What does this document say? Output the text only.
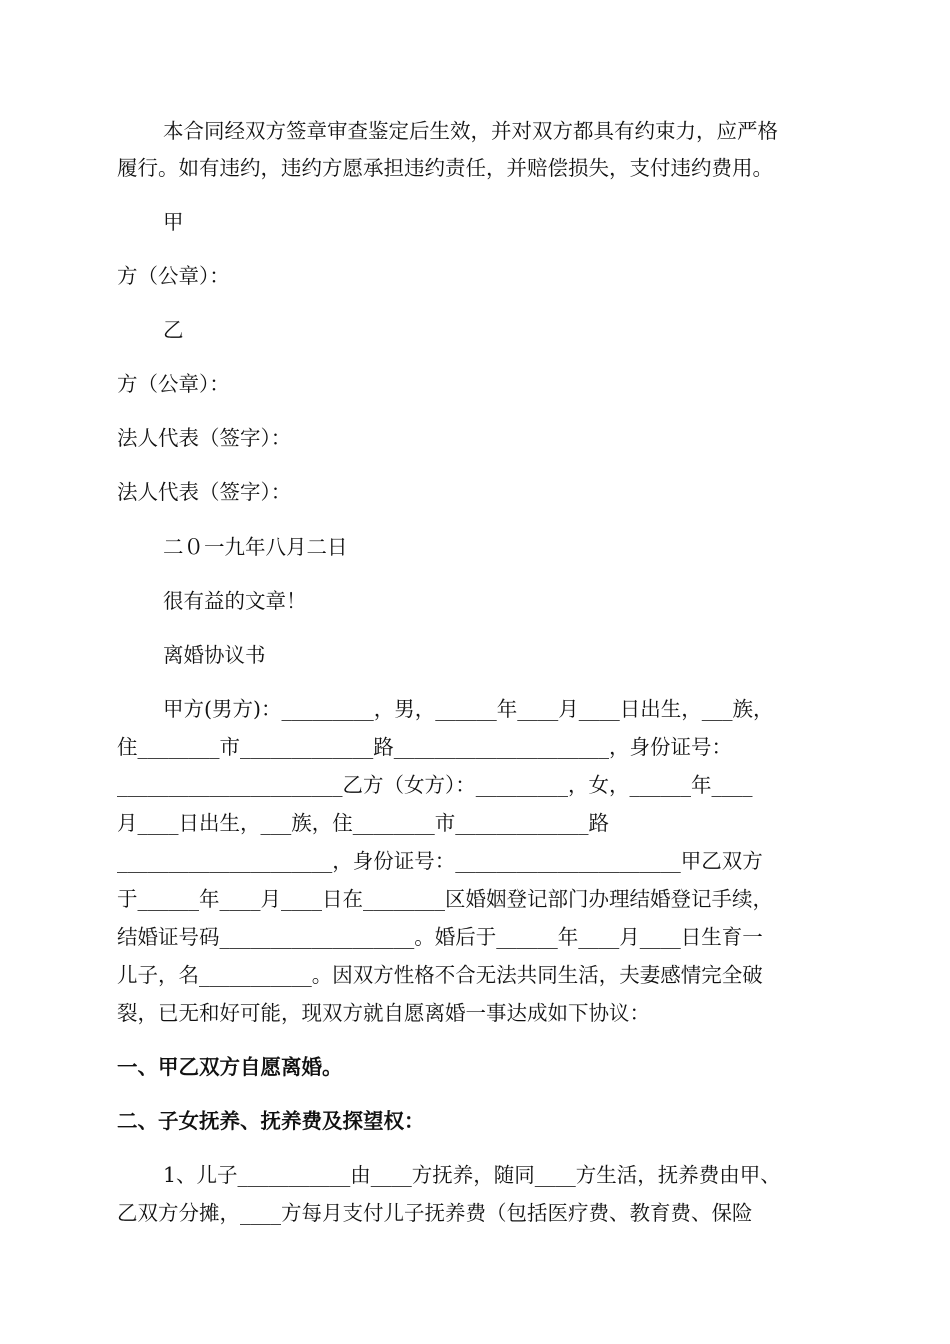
本合同经双方签章审查鉴定后生效，并对双方都具有约束力，应严格
履行。如有违约，违约方愿承担违约责任，并赔偿损失，支付违约费用。
甲
方（公章）：
乙
方（公章）：
法人代表（签字）：
法人代表（签字）：
二０一九年八月二日
很有益的文章！
离婚协议书
甲方(男方)：_________，男，______年____月____日出生，___族，
住________市_____________路_____________________，身份证号：
______________________乙方（女方）：_________，女，______年____
月____日出生，___族，住________市_____________路
_____________________，身份证号：______________________甲乙双方
于______年____月____日在________区婚姻登记部门办理结婚登记手续，
结婚证号码___________________。婚后于______年____月____日生育一
儿子，名___________。因双方性格不合无法共同生活，夫妻感情完全破
裂，已无和好可能，现双方就自愿离婚一事达成如下协议：
一、甲乙双方自愿离婚。
二、子女抚养、抚养费及探望权：
1、儿子___________由____方抚养，随同____方生活，抚养费由甲、
乙双方分摊，____方每月支付儿子抚养费（包括医疗费、教育费、保险
